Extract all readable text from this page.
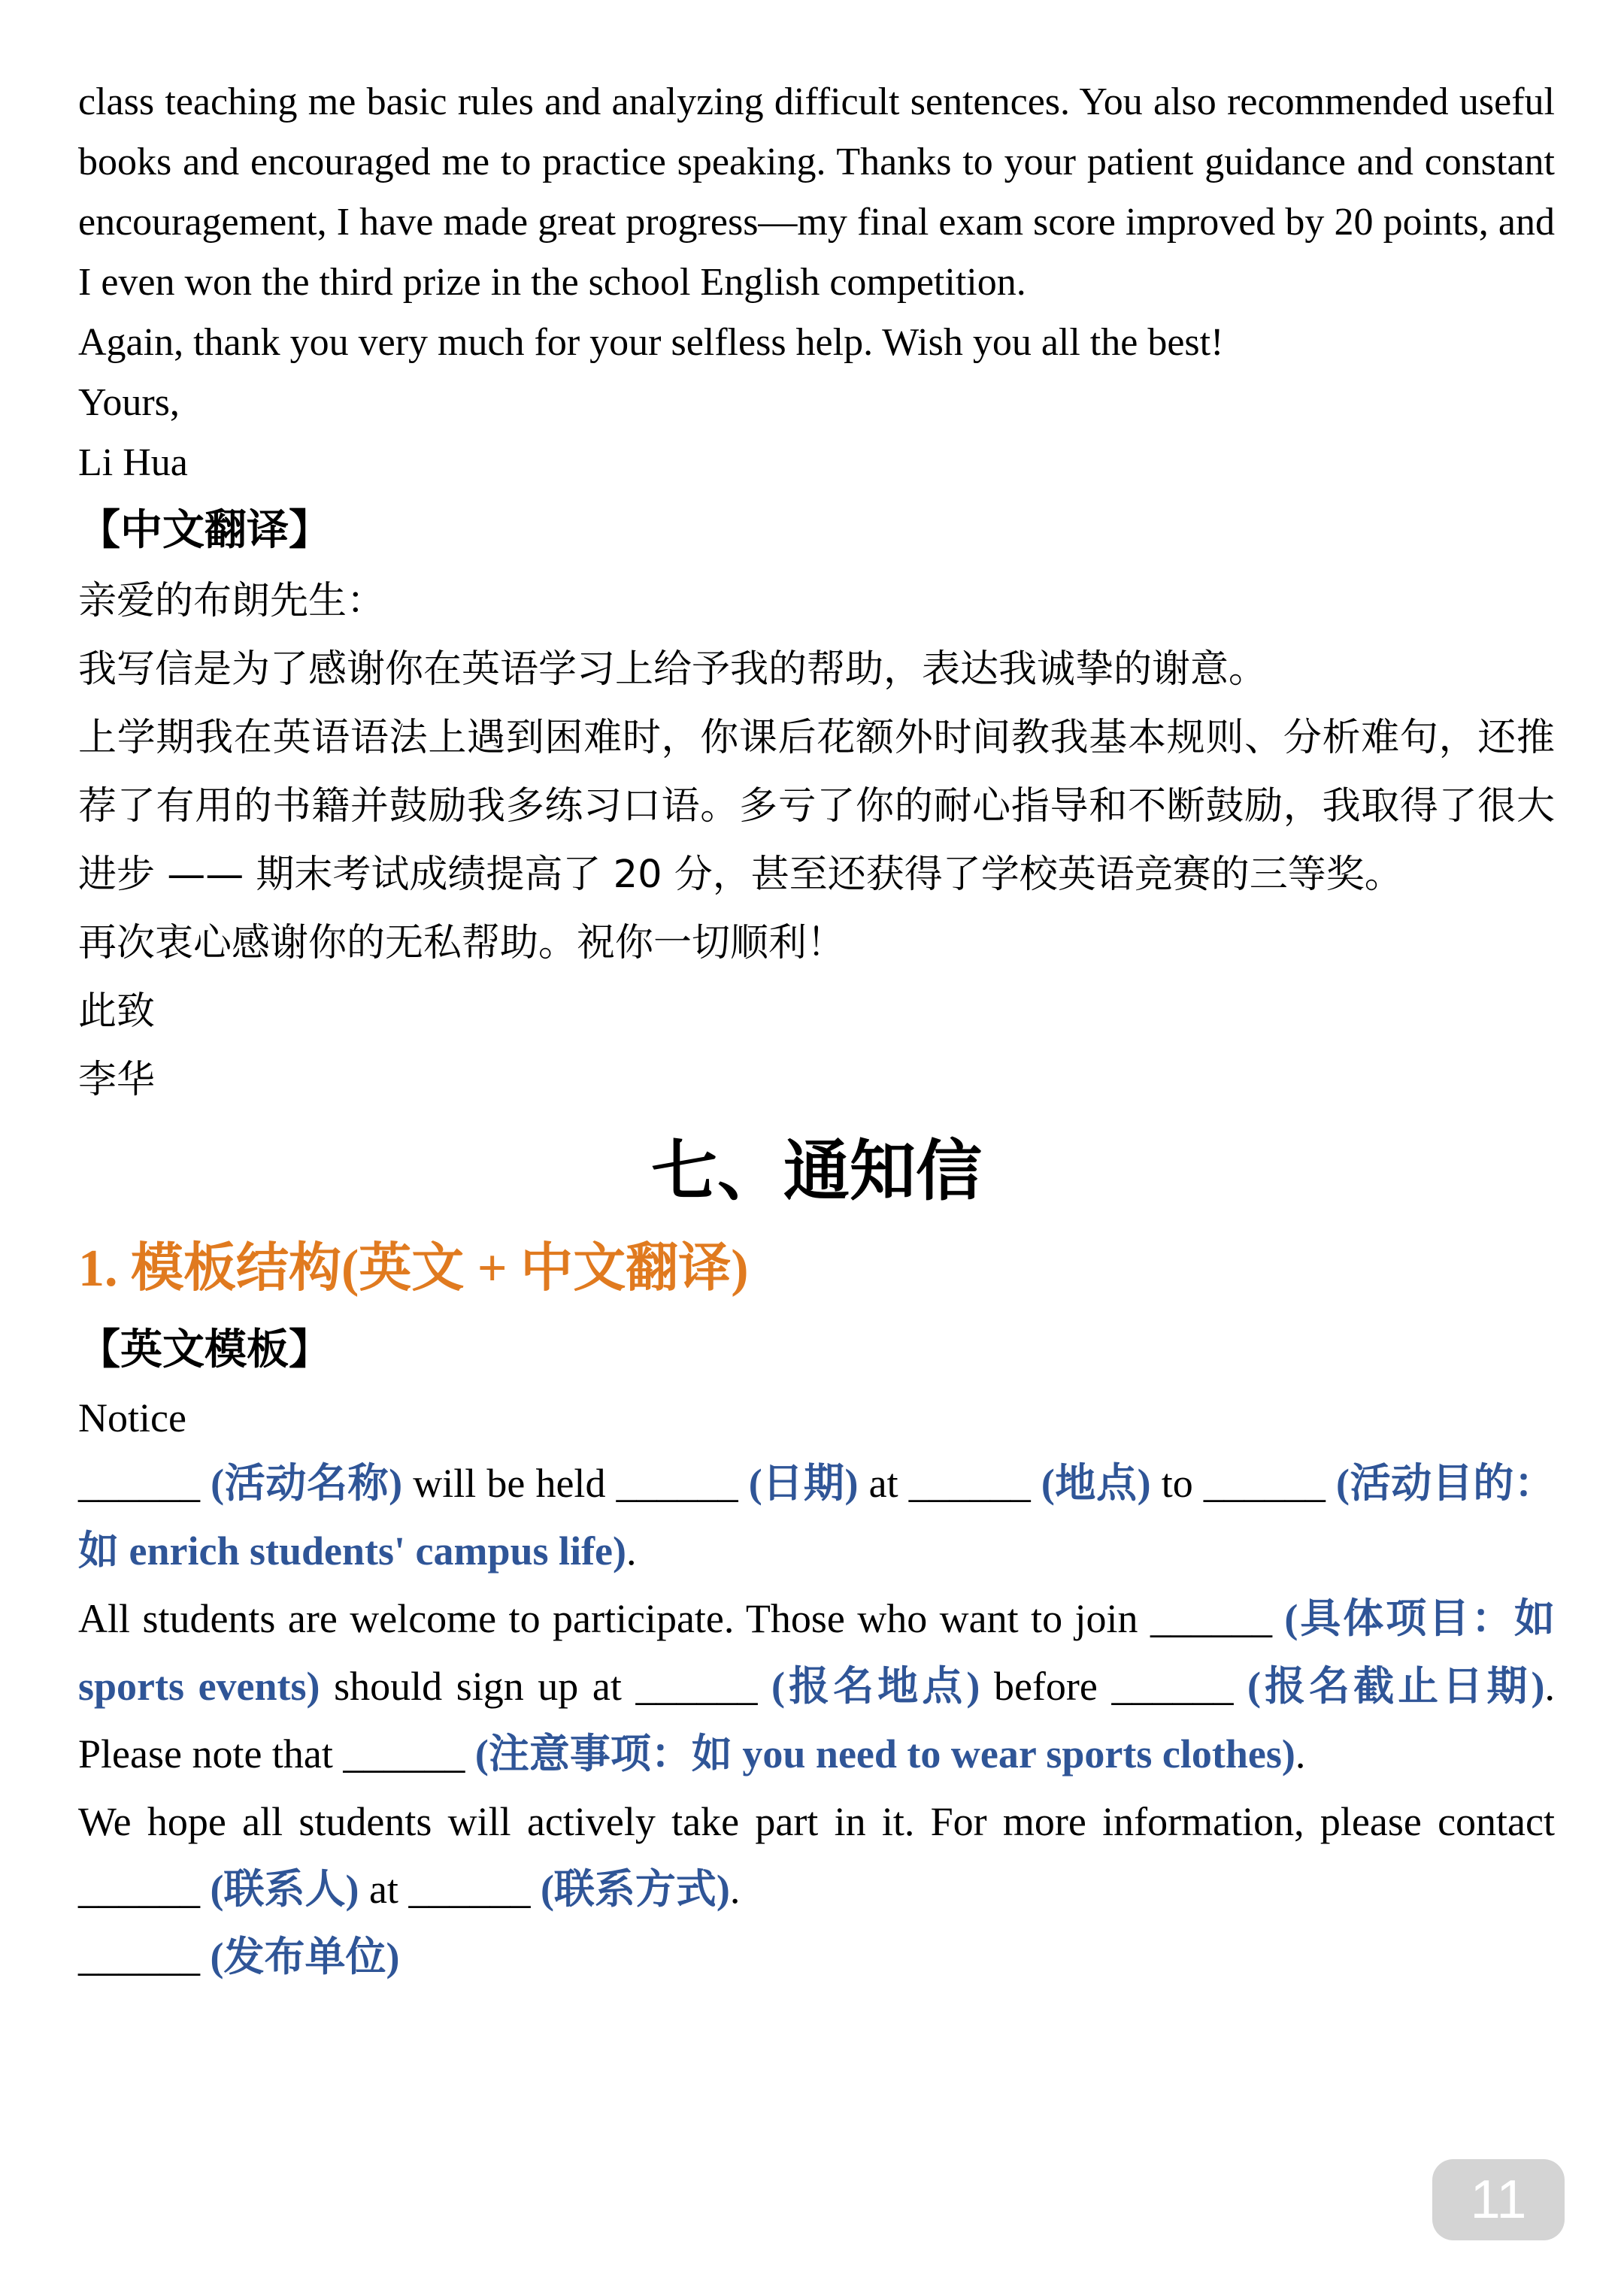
class teaching me basic rules and analyzing difficult sentences. You also recommended useful books and encouraged me to practice speaking. Thanks to your patient guidance and constant encouragement, I have made great progress—my final exam score improved by 20 points, and I even won the third prize in the school English competition.

Again, thank you very much for your selfless help. Wish you all the best!

Yours,

Li Hua

【中文翻译】

亲爱的布朗先生：

我写信是为了感谢你在英语学习上给予我的帮助，表达我诚挚的谢意。

上学期我在英语语法上遇到困难时，你课后花额外时间教我基本规则、分析难句，还推荐了有用的书籍并鼓励我多练习口语。多亏了你的耐心指导和不断鼓励，我取得了很大进步 —— 期末考试成绩提高了 20 分，甚至还获得了学校英语竞赛的三等奖。

再次衷心感谢你的无私帮助。祝你一切顺利！

此致

李华

七、通知信
1. 模板结构(英文 + 中文翻译)

【英文模板】

Notice

______ (活动名称) will be held ______ (日期) at ______ (地点) to ______ (活动目的：如 enrich students' campus life).

All students are welcome to participate. Those who want to join ______ (具体项目：如 sports events) should sign up at ______ (报名地点) before ______ (报名截止日期). Please note that ______ (注意事项：如 you need to wear sports clothes).

We hope all students will actively take part in it. For more information, please contact ______ (联系人) at ______ (联系方式).

______ (发布单位)

11
